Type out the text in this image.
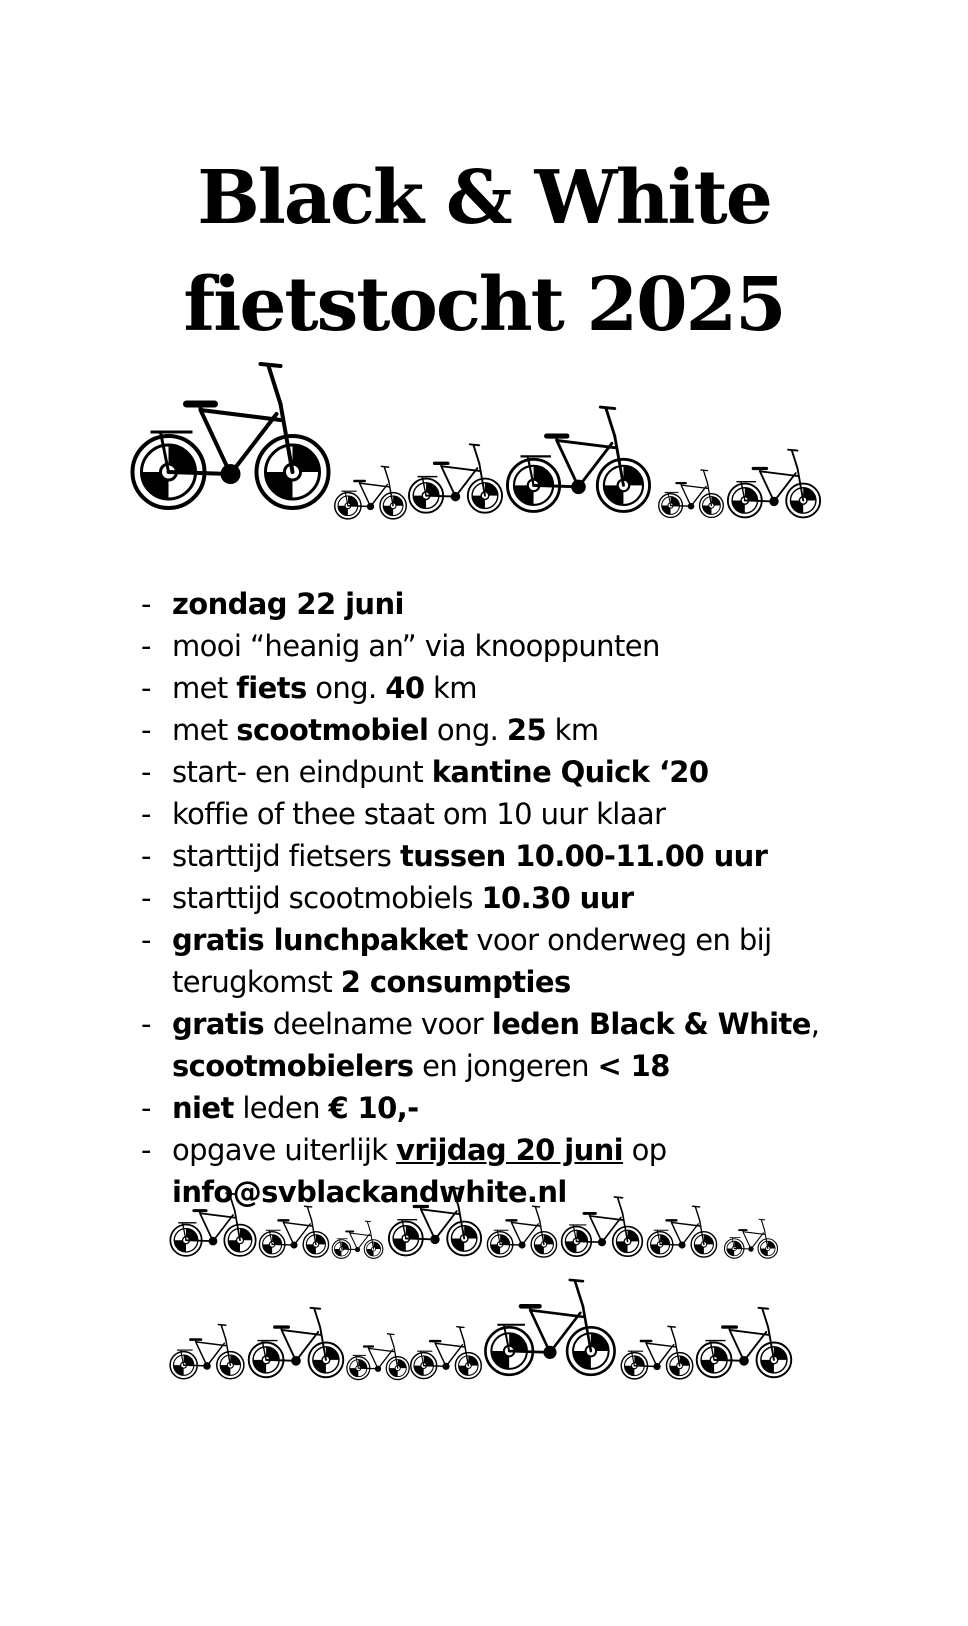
Black & White
fietstocht 2025
- zondag 22 juni
- mooi “heanig an” via knooppunten
- met fiets ong. 40 km
- met scootmobiel ong. 25 km
- start- en eindpunt kantine Quick ‘20
- koffie of thee staat om 10 uur klaar
- starttijd fietsers tussen 10.00-11.00 uur
- starttijd scootmobiels 10.30 uur
- gratis lunchpakket voor onderweg en bij
terugkomst 2 consumpties
- gratis deelname voor leden Black & White,
scootmobielers en jongeren < 18
- niet leden € 10,-
- opgave uiterlijk vrijdag 20 juni op
info@svblackandwhite.nl
